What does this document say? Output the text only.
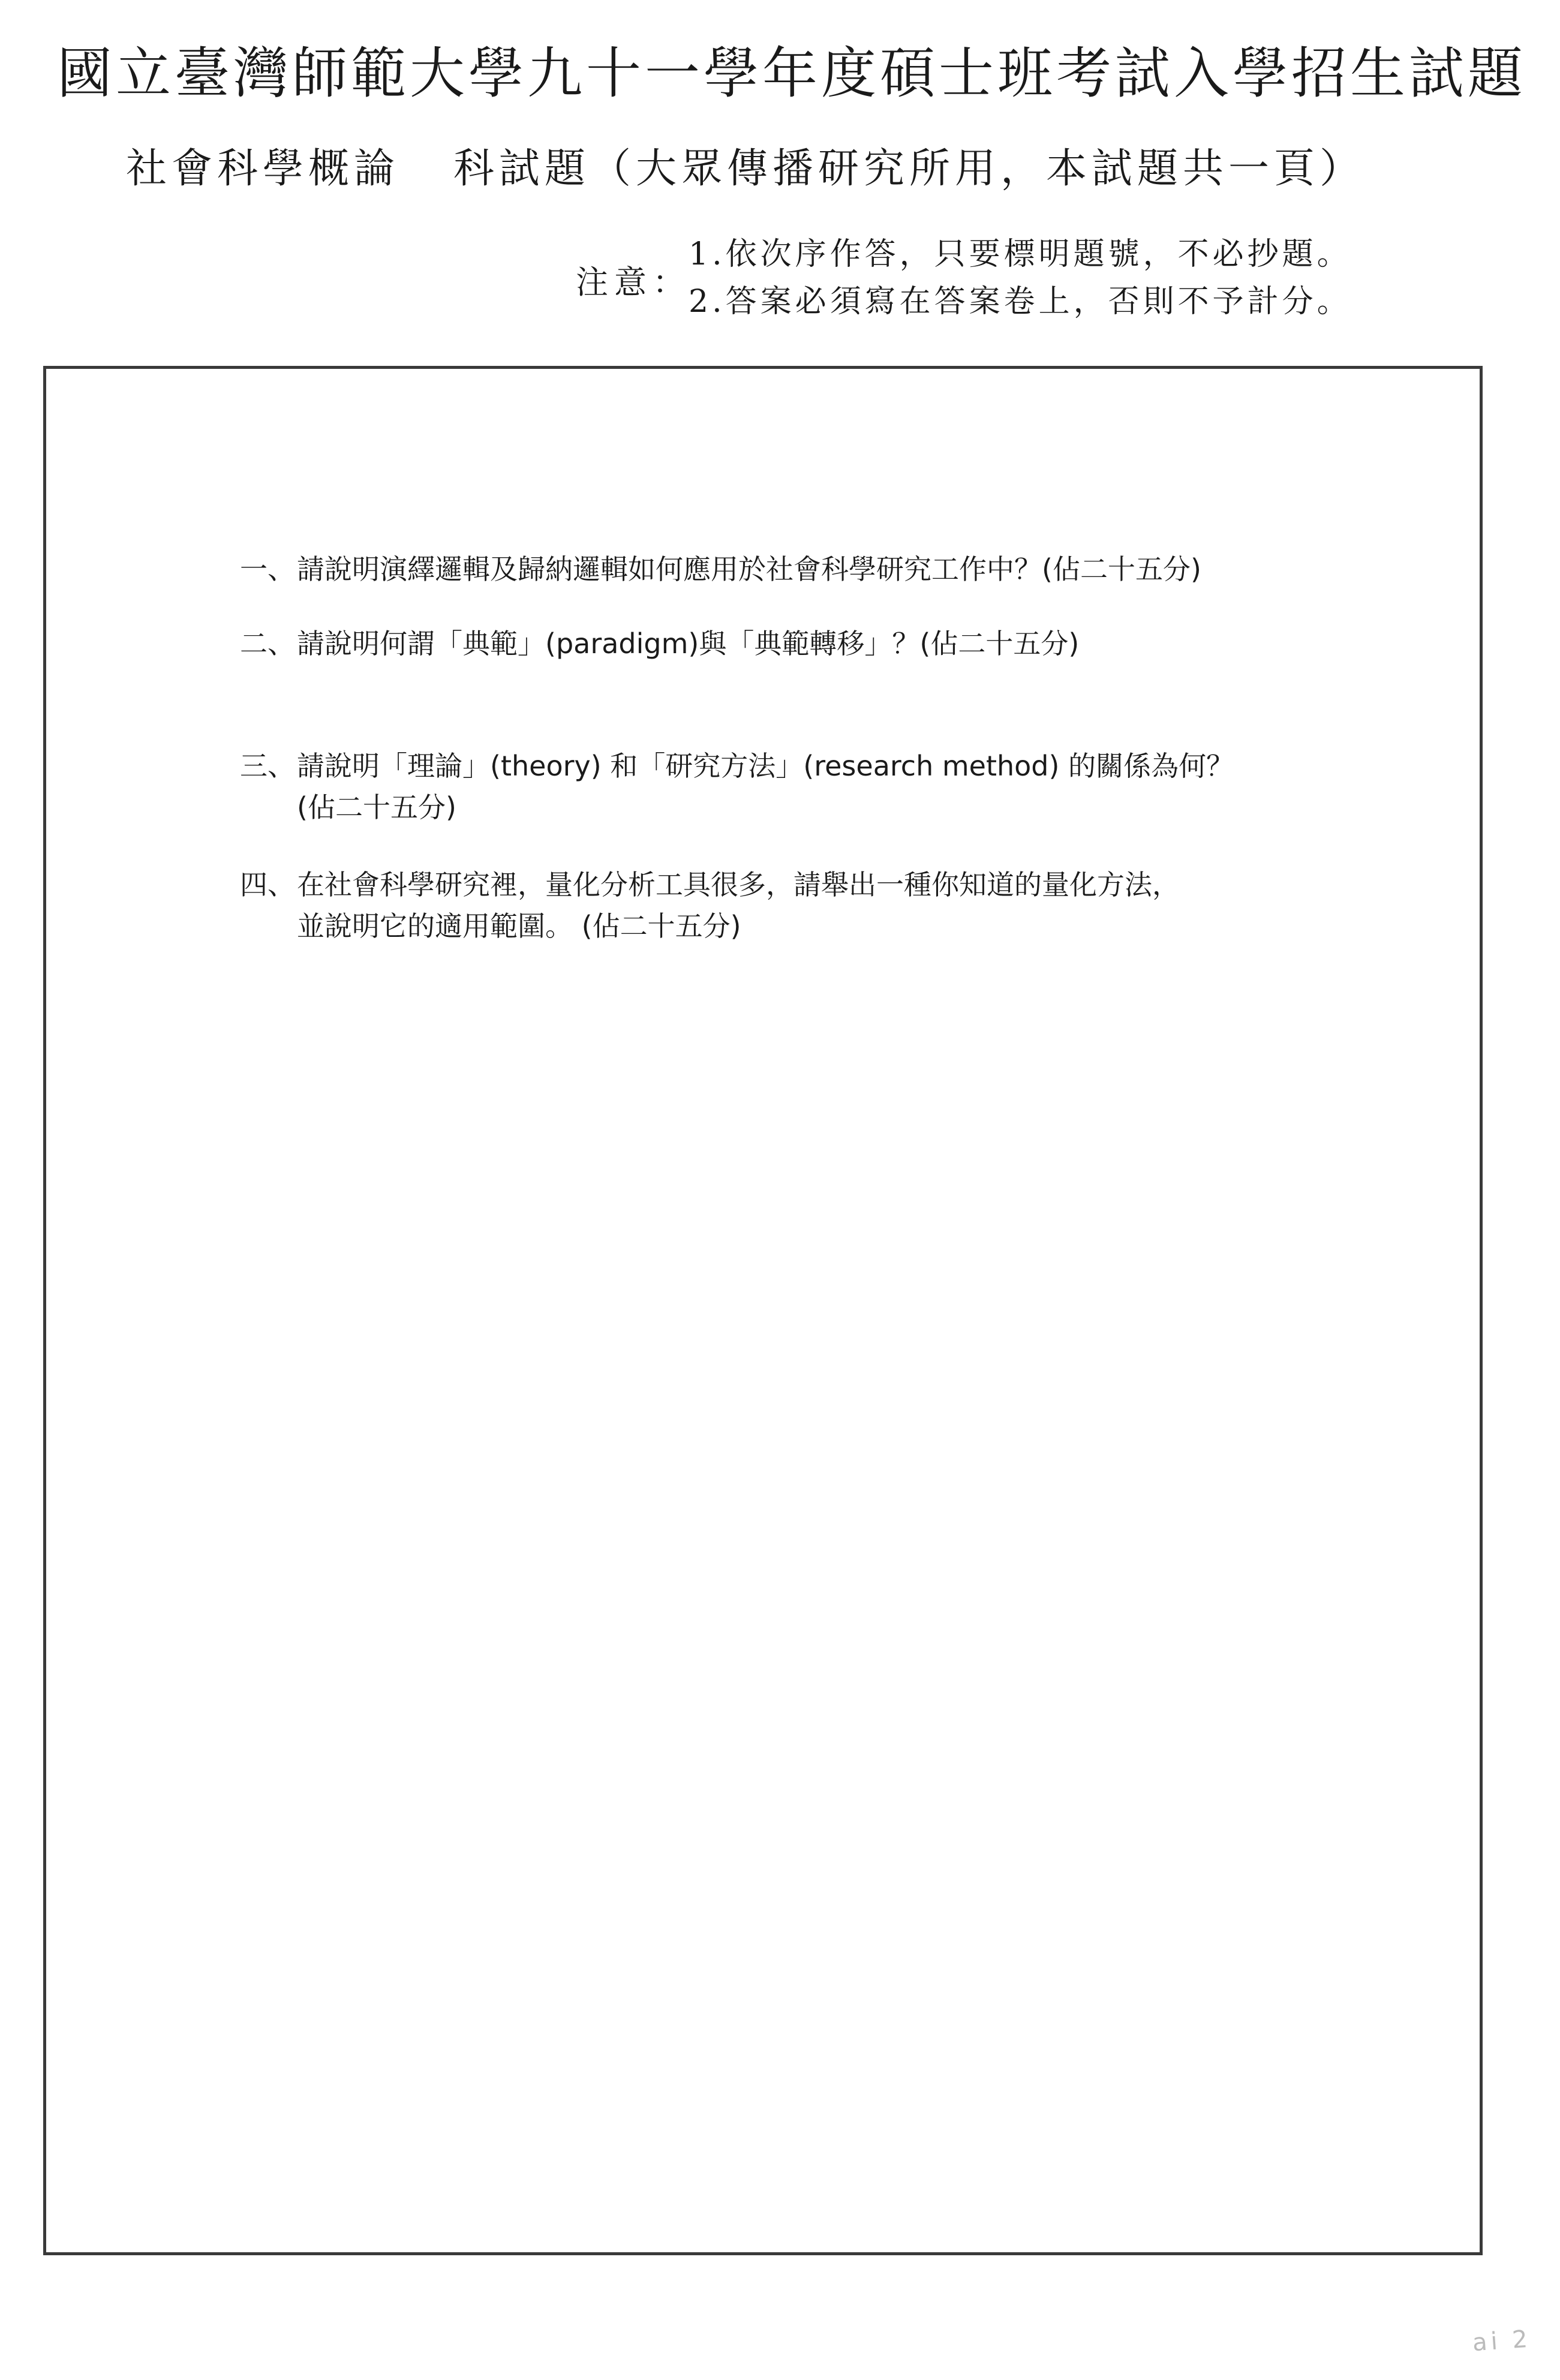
國立臺灣師範大學九十一學年度碩士班考試入學招生試題
社會科學概論 科試題（大眾傳播研究所用，本試題共一頁）
注意：
1.依次序作答，只要標明題號，不必抄題。
2.答案必須寫在答案卷上，否則不予計分。
一、 請說明演繹邏輯及歸納邏輯如何應用於社會科學研究工作中？(佔二十五分)
二、 請說明何謂「典範」(paradigm)與「典範轉移」？(佔二十五分)
三、 請說明「理論」(theory) 和「研究方法」(research method) 的關係為何？
(佔二十五分)
四、 在社會科學研究裡，量化分析工具很多，請舉出一種你知道的量化方法，
並說明它的適用範圍。 (佔二十五分)
ai 2
